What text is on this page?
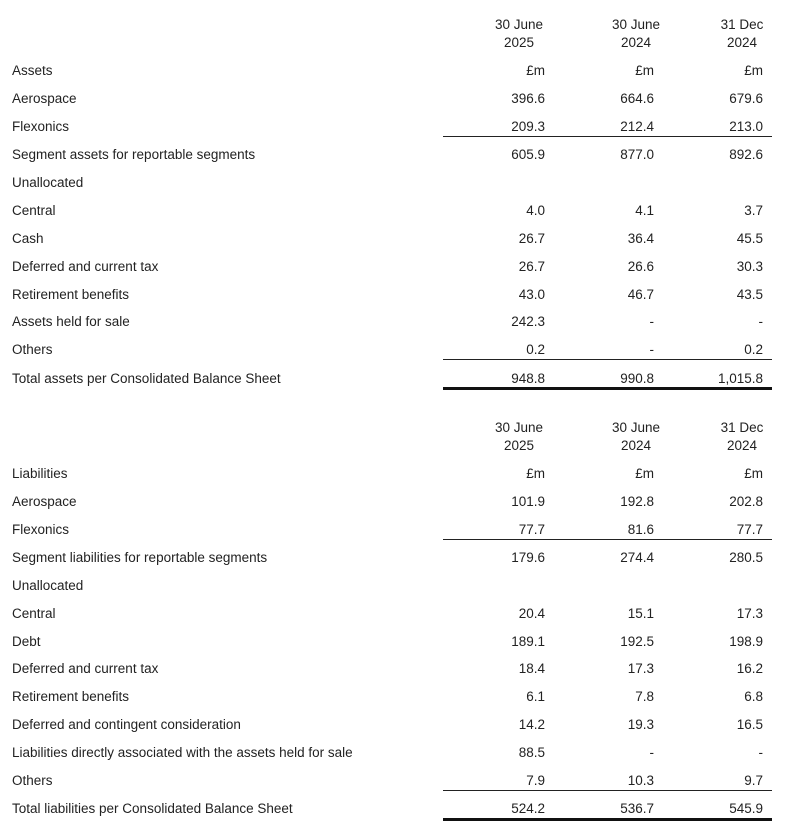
30 June
2025
30 June
2024
31 Dec
2024
Assets	£m	£m	£m
Aerospace	396.6	664.6	679.6
Flexonics	209.3	212.4	213.0
Segment assets for reportable segments	605.9	877.0	892.6
Unallocated
Central	4.0	4.1	3.7
Cash	26.7	36.4	45.5
Deferred and current tax	26.7	26.6	30.3
Retirement benefits	43.0	46.7	43.5
Assets held for sale	242.3	-	-
Others	0.2	-	0.2
Total assets per Consolidated Balance Sheet	948.8	990.8	1,015.8
30 June
2025
30 June
2024
31 Dec
2024
Liabilities	£m	£m	£m
Aerospace	101.9	192.8	202.8
Flexonics	77.7	81.6	77.7
Segment liabilities for reportable segments	179.6	274.4	280.5
Unallocated
Central	20.4	15.1	17.3
Debt	189.1	192.5	198.9
Deferred and current tax	18.4	17.3	16.2
Retirement benefits	6.1	7.8	6.8
Deferred and contingent consideration	14.2	19.3	16.5
Liabilities directly associated with the assets held for sale	88.5	-	-
Others	7.9	10.3	9.7
Total liabilities per Consolidated Balance Sheet	524.2	536.7	545.9
